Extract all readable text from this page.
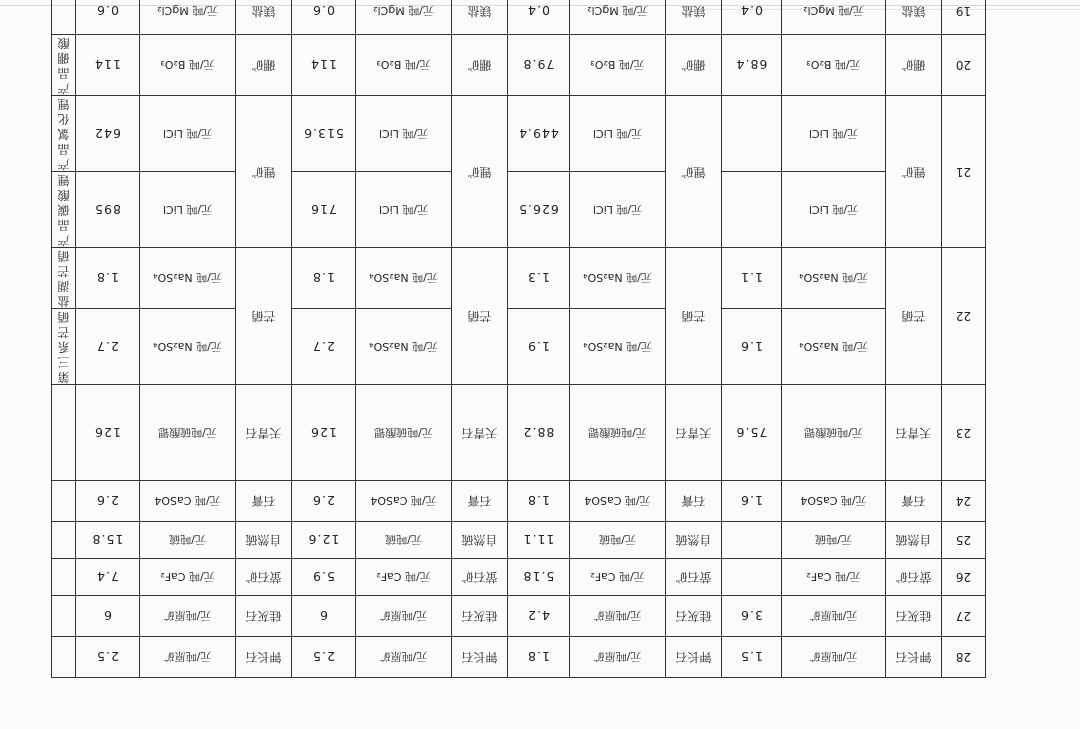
28	钾长石	元/吨原矿	1.5	钾长石	元/吨原矿	1.8	钾长石	元/吨原矿	2.5	钾长石	元/吨原矿	2.5	
27	硅灰石	元/吨原矿	3.6	硅灰石	元/吨原矿	4.2	硅灰石	元/吨原矿	6	硅灰石	元/吨原矿	6	
26	萤石矿	元/吨 CaF₂		萤石矿	元/吨 CaF₂	5.18	萤石矿	元/吨 CaF₂	5.9	萤石矿	元/吨 CaF₂	7.4	
25	自然硫	元/吨硫		自然硫	元/吨硫	11.1	自然硫	元/吨硫	12.6	自然硫	元/吨硫	15.8	
24	石膏	元/吨 CaSO4	1.6	石膏	元/吨 CaSO4	1.8	石膏	元/吨 CaSO4	2.6	石膏	元/吨 CaSO4	2.6	
23	天青石	元/吨硫酸锶	75.6	天青石	元/吨硫酸锶	88.2	天青石	元/吨硫酸锶	126	天青石	元/吨硫酸锶	126	
22	芒硝	元/吨 Na₂SO₄	1.6	芒硝	元/吨 Na₂SO₄	1.9	芒硝	元/吨 Na₂SO₄	2.7	芒硝	元/吨 Na₂SO₄	2.7	第三系芒硝
		元/吨 Na₂SO₄	1.1		元/吨 Na₂SO₄	1.3		元/吨 Na₂SO₄	1.8		元/吨 Na₂SO₄	1.8	盐湖芒硝
21	锂矿	元/吨 LiCl		锂矿	元/吨 LiCl	626.5	锂矿	元/吨 LiCl	716	锂矿	元/吨 LiCl	895	产品碳酸锂
		元/吨 LiCl			元/吨 LiCl	449.4		元/吨 LiCl	513.6		元/吨 LiCl	642	产品氯化锂
20	硼矿	元/吨 B₂O₃	68.4	硼矿	元/吨 B₂O₃	79.8	硼矿	元/吨 B₂O₃	114	硼矿	元/吨 B₂O₃	114	产品硼酸
19	镁盐	元/吨 MgCl₂	0.4	镁盐	元/吨 MgCl₂	0.4	镁盐	元/吨 MgCl₂	0.6	镁盐	元/吨 MgCl₂	0.6	
